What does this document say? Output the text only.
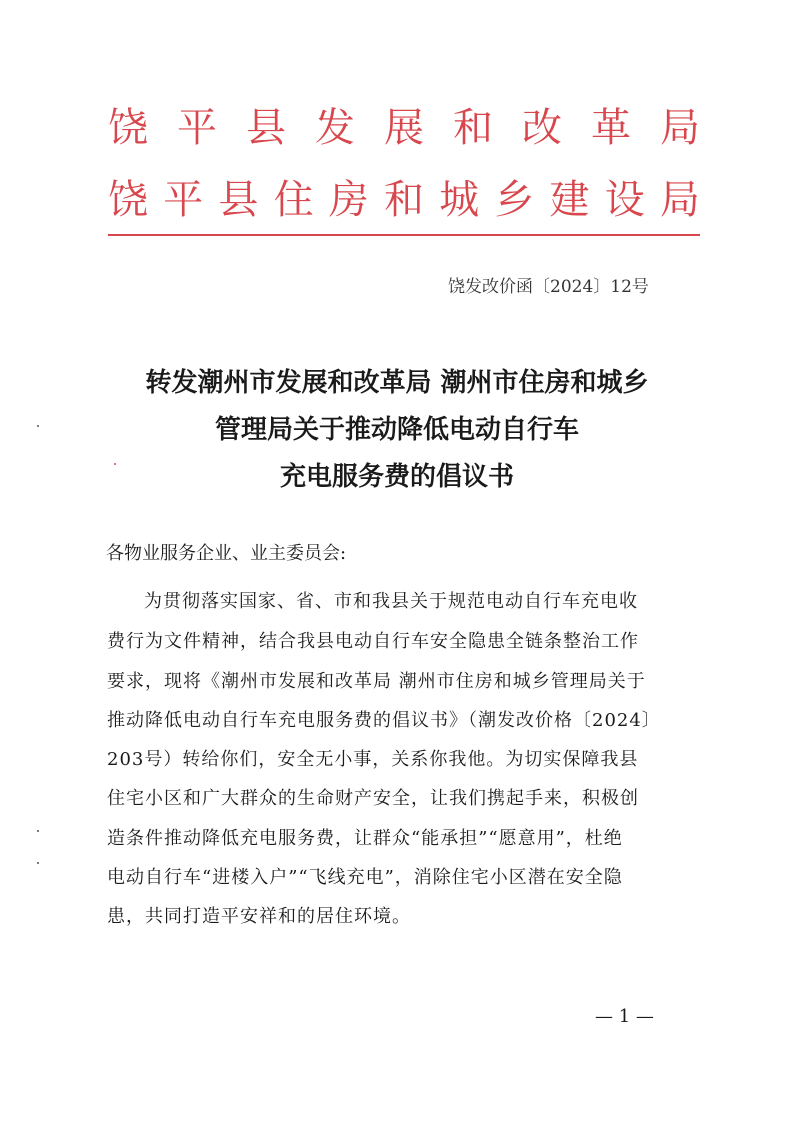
饶 平 县 发 展 和 改 革 局
饶 平 县 住 房 和 城 乡 建 设 局
饶发改价函〔2024〕12号
转发潮州市发展和改革局 潮州市住房和城乡
管理局关于推动降低电动自行车
充电服务费的倡议书
各物业服务企业、业主委员会:
为贯彻落实国家、省、市和我县关于规范电动自行车充电收
费行为文件精神，结合我县电动自行车安全隐患全链条整治工作
要求，现将《潮州市发展和改革局 潮州市住房和城乡管理局关于
推动降低电动自行车充电服务费的倡议书》（潮发改价格〔2024〕
203号）转给你们，安全无小事，关系你我他。为切实保障我县
住宅小区和广大群众的生命财产安全，让我们携起手来，积极创
造条件推动降低充电服务费，让群众“能承担”“愿意用”，杜绝
电动自行车“进楼入户”“飞线充电”，消除住宅小区潜在安全隐
患，共同打造平安祥和的居住环境。
— 1 —
